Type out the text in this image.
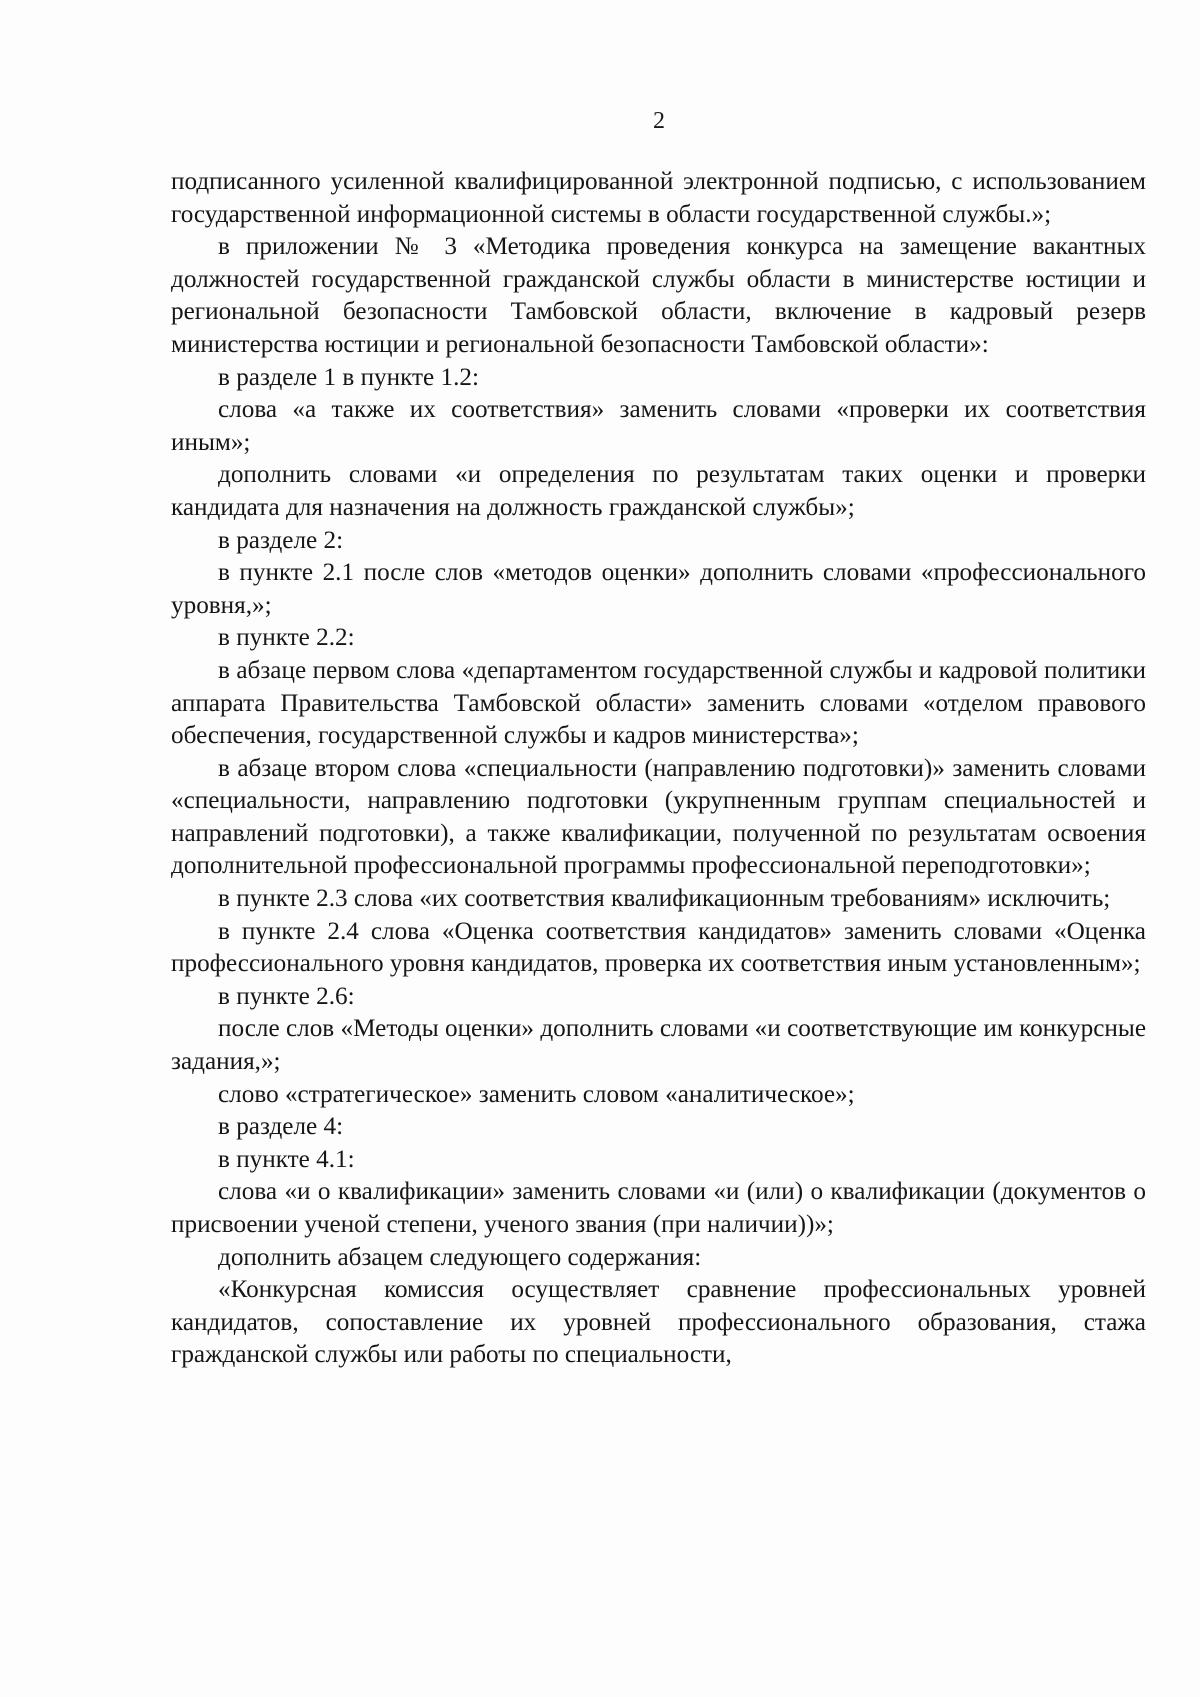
2

подписанного усиленной квалифицированной электронной подписью, с использованием государственной информационной системы в области государственной службы.»;

в приложении № 3 «Методика проведения конкурса на замещение вакантных должностей государственной гражданской службы области в министерстве юстиции и региональной безопасности Тамбовской области, включение в кадровый резерв министерства юстиции и региональной безопасности Тамбовской области»:

в разделе 1 в пункте 1.2:

слова «а также их соответствия» заменить словами «проверки их соответствия иным»;

дополнить словами «и определения по результатам таких оценки и проверки кандидата для назначения на должность гражданской службы»;

в разделе 2:

в пункте 2.1 после слов «методов оценки» дополнить словами «профессионального уровня,»;

в пункте 2.2:

в абзаце первом слова «департаментом государственной службы и кадровой политики аппарата Правительства Тамбовской области» заменить словами «отделом правового обеспечения, государственной службы и кадров министерства»;

в абзаце втором слова «специальности (направлению подготовки)» заменить словами «специальности, направлению подготовки (укрупненным группам специальностей и направлений подготовки), а также квалификации, полученной по результатам освоения дополнительной профессиональной программы профессиональной переподготовки»;

в пункте 2.3 слова «их соответствия квалификационным требованиям» исключить;

в пункте 2.4 слова «Оценка соответствия кандидатов» заменить словами «Оценка профессионального уровня кандидатов, проверка их соответствия иным установленным»;

в пункте 2.6:

после слов «Методы оценки» дополнить словами «и соответствующие им конкурсные задания,»;

слово «стратегическое» заменить словом «аналитическое»;

в разделе 4:

в пункте 4.1:

слова «и о квалификации» заменить словами «и (или) о квалификации (документов о присвоении ученой степени, ученого звания (при наличии))»;

дополнить абзацем следующего содержания:

«Конкурсная комиссия осуществляет сравнение профессиональных уровней кандидатов, сопоставление их уровней профессионального образования, стажа гражданской службы или работы по специальности,
